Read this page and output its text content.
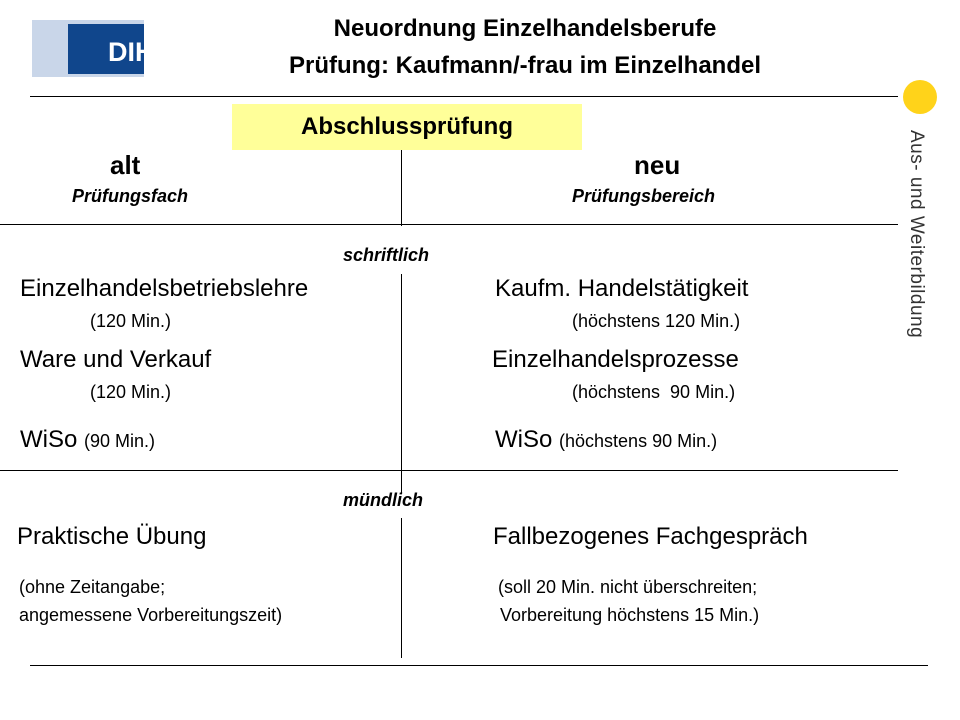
DIHK
Neuordnung Einzelhandelsberufe
Prüfung: Kaufmann/-frau im Einzelhandel
Aus- und Weiterbildung
Abschlussprüfung
alt
Prüfungsfach
neu
Prüfungsbereich
schriftlich
Einzelhandelsbetriebslehre
(120 Min.)
Ware und Verkauf
(120 Min.)
WiSo (90 Min.)
Kaufm. Handelstätigkeit
(höchstens 120 Min.)
Einzelhandelsprozesse
(höchstens  90 Min.)
WiSo (höchstens 90 Min.)
mündlich
Praktische Übung
(ohne Zeitangabe;
angemessene Vorbereitungszeit)
Fallbezogenes Fachgespräch
(soll 20 Min. nicht überschreiten;
Vorbereitung höchstens 15 Min.)
